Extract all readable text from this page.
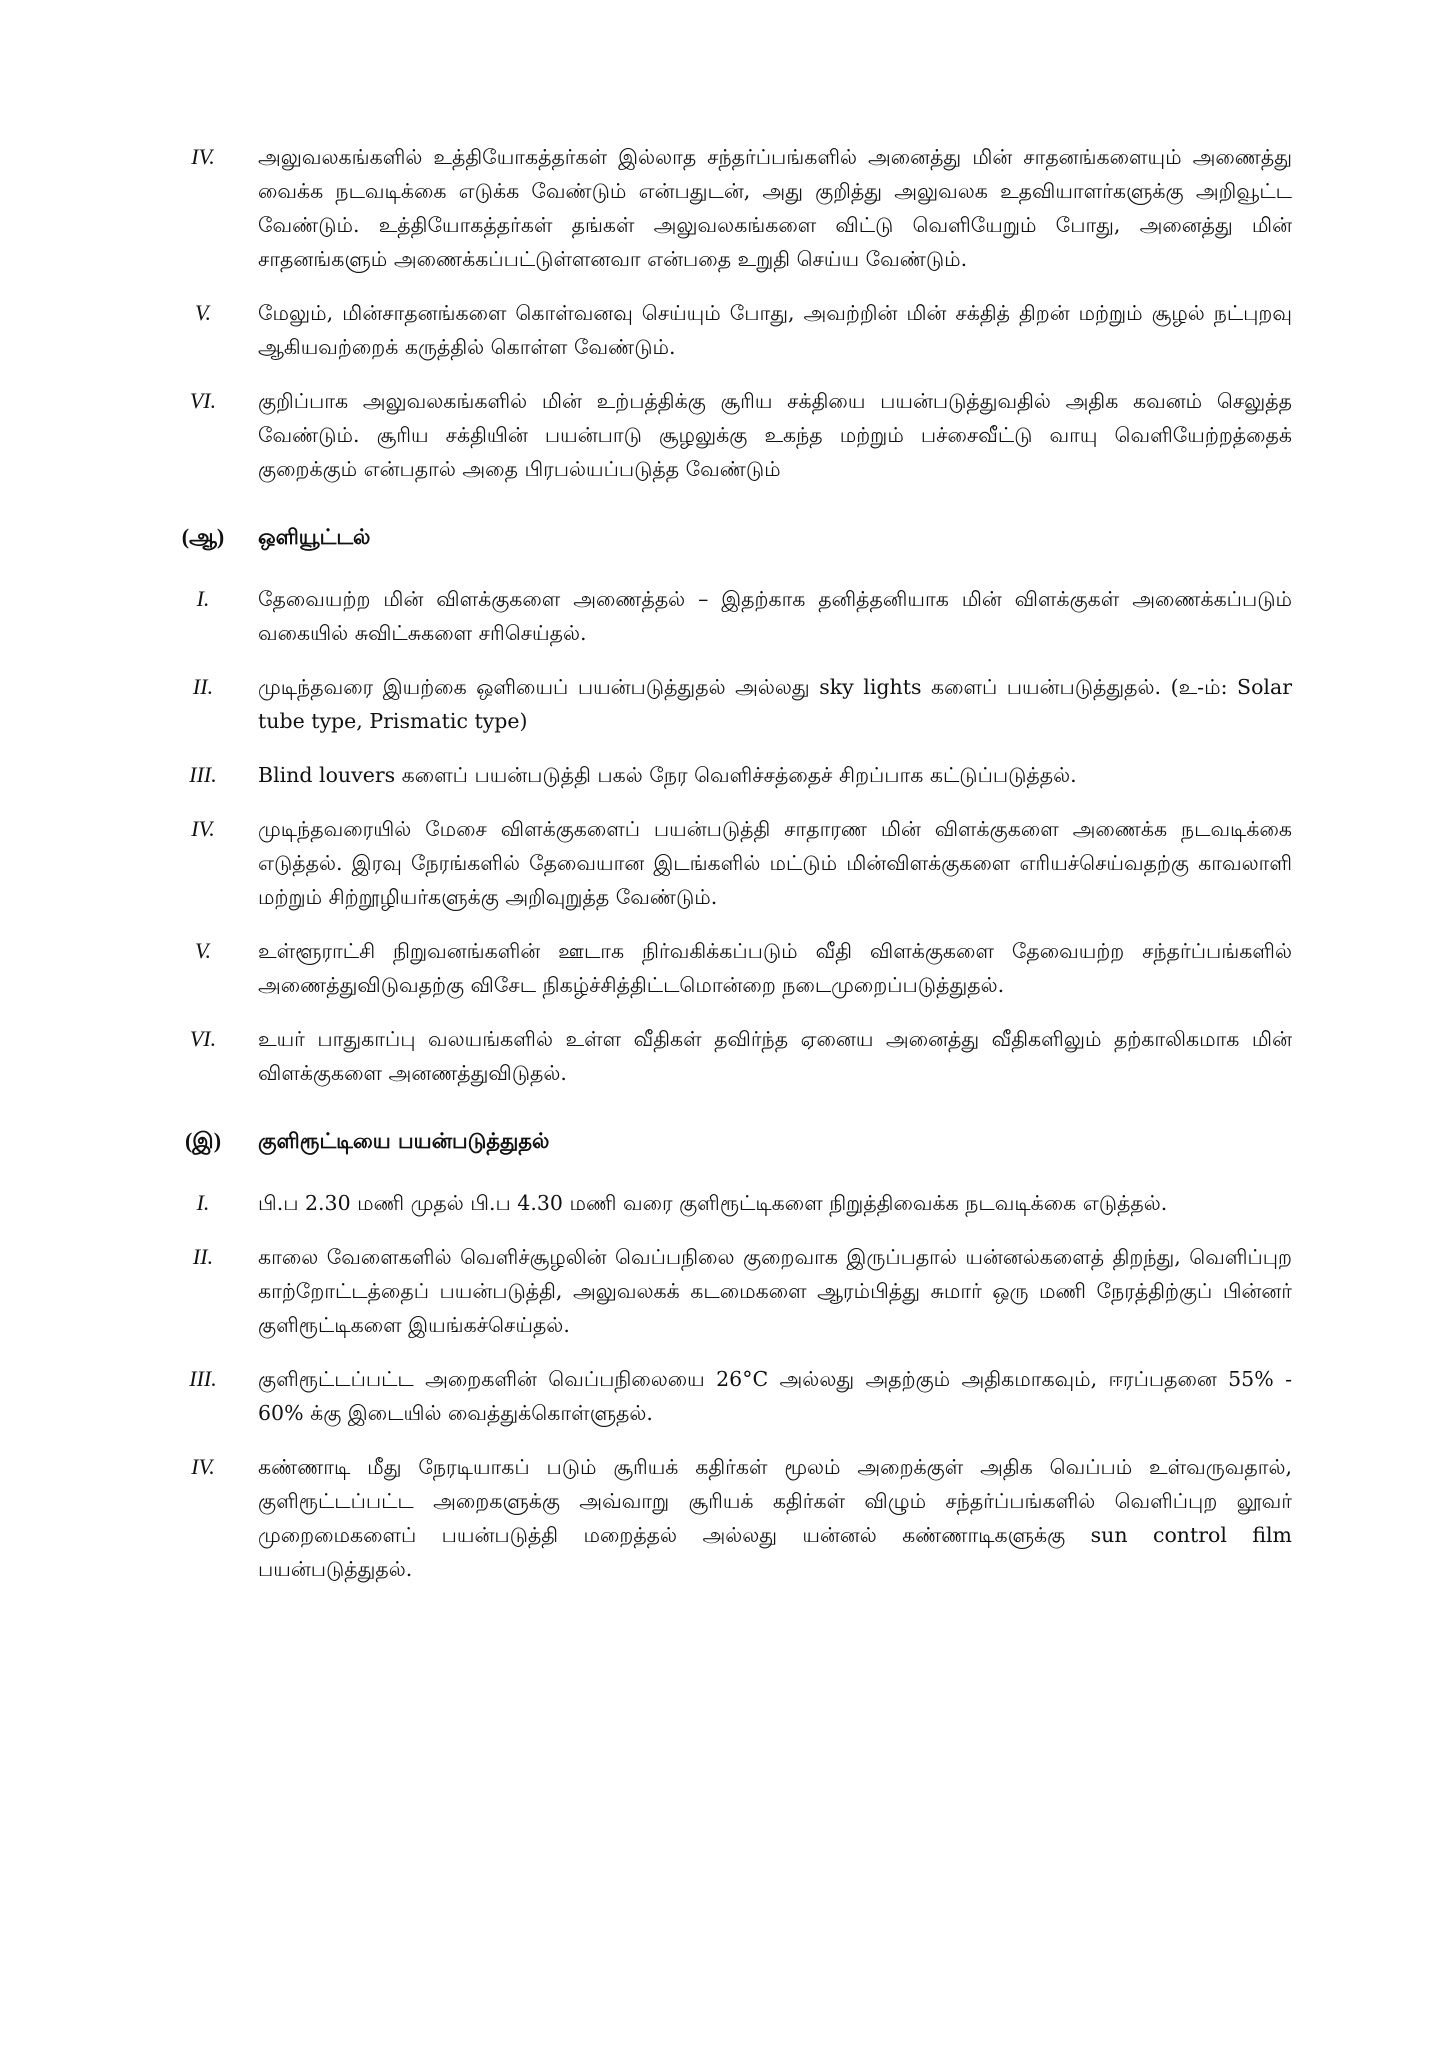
IV.	அலுவலகங்களில் உத்தியோகத்தர்கள் இல்லாத சந்தர்ப்பங்களில் அனைத்து மின் சாதனங்களையும் அணைத்து வைக்க நடவடிக்கை எடுக்க வேண்டும் என்பதுடன், அது குறித்து அலுவலக உதவியாளர்களுக்கு அறிவூட்ட வேண்டும். உத்தியோகத்தர்கள் தங்கள் அலுவலகங்களை விட்டு வெளியேறும் போது, அனைத்து மின் சாதனங்களும் அணைக்கப்பட்டுள்ளனவா என்பதை உறுதி செய்ய வேண்டும்.
V.	மேலும், மின்சாதனங்களை கொள்வனவு செய்யும் போது, அவற்றின் மின் சக்தித் திறன் மற்றும் சூழல் நட்புறவு ஆகியவற்றைக் கருத்தில் கொள்ள வேண்டும்.
VI.	குறிப்பாக அலுவலகங்களில் மின் உற்பத்திக்கு சூரிய சக்தியை பயன்படுத்துவதில் அதிக கவனம் செலுத்த வேண்டும். சூரிய சக்தியின் பயன்பாடு சூழலுக்கு உகந்த மற்றும் பச்சைவீட்டு வாயு வெளியேற்றத்தைக் குறைக்கும் என்பதால் அதை பிரபல்யப்படுத்த வேண்டும்
(ஆ)	ஒளியூட்டல்
I.	தேவையற்ற மின் விளக்குகளை அணைத்தல் – இதற்காக தனித்தனியாக மின் விளக்குகள் அணைக்கப்படும் வகையில் சுவிட்சுகளை சரிசெய்தல்.
II.	முடிந்தவரை இயற்கை ஒளியைப் பயன்படுத்துதல் அல்லது sky lights களைப் பயன்படுத்துதல். (உ-ம்: Solar tube type, Prismatic type)
III.	Blind louvers களைப் பயன்படுத்தி பகல் நேர வெளிச்சத்தைச் சிறப்பாக கட்டுப்படுத்தல்.
IV.	முடிந்தவரையில் மேசை விளக்குகளைப் பயன்படுத்தி சாதாரண மின் விளக்குகளை அணைக்க நடவடிக்கை எடுத்தல். இரவு நேரங்களில் தேவையான இடங்களில் மட்டும் மின்விளக்குகளை எரியச்செய்வதற்கு காவலாளி மற்றும் சிற்றூழியர்களுக்கு அறிவுறுத்த வேண்டும்.
V.	உள்ளூராட்சி நிறுவனங்களின் ஊடாக நிர்வகிக்கப்படும் வீதி விளக்குகளை தேவையற்ற சந்தர்ப்பங்களில் அணைத்துவிடுவதற்கு விசேட நிகழ்ச்சித்திட்டமொன்றை நடைமுறைப்படுத்துதல்.
VI.	உயர் பாதுகாப்பு வலயங்களில் உள்ள வீதிகள் தவிர்ந்த ஏனைய அனைத்து வீதிகளிலும் தற்காலிகமாக மின் விளக்குகளை அனணத்துவிடுதல்.
(இ)	குளிரூட்டியை பயன்படுத்துதல்
I.	பி.ப 2.30 மணி முதல் பி.ப 4.30 மணி வரை குளிரூட்டிகளை நிறுத்திவைக்க நடவடிக்கை எடுத்தல்.
II.	காலை வேளைகளில் வெளிச்சூழலின் வெப்பநிலை குறைவாக இருப்பதால் யன்னல்களைத் திறந்து, வெளிப்புற காற்றோட்டத்தைப் பயன்படுத்தி, அலுவலகக் கடமைகளை ஆரம்பித்து சுமார் ஒரு மணி நேரத்திற்குப் பின்னர் குளிரூட்டிகளை இயங்கச்செய்தல்.
III.	குளிரூட்டப்பட்ட அறைகளின் வெப்பநிலையை 26°C அல்லது அதற்கும் அதிகமாகவும், ஈரப்பதனை 55% - 60% க்கு இடையில் வைத்துக்கொள்ளுதல்.
IV.	கண்ணாடி மீது நேரடியாகப் படும் சூரியக் கதிர்கள் மூலம் அறைக்குள் அதிக வெப்பம் உள்வருவதால், குளிரூட்டப்பட்ட அறைகளுக்கு அவ்வாறு சூரியக் கதிர்கள் விழும் சந்தர்ப்பங்களில் வெளிப்புற லூவர் முறைமைகளைப் பயன்படுத்தி மறைத்தல் அல்லது யன்னல் கண்ணாடிகளுக்கு sun control film பயன்படுத்துதல்.
